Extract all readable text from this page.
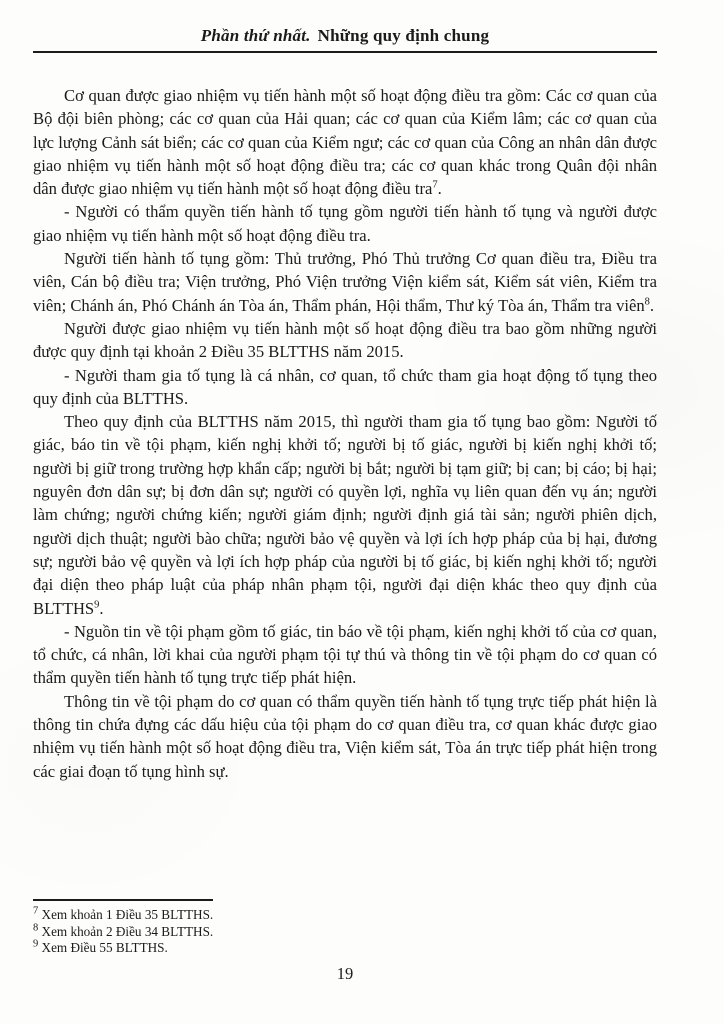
Phần thứ nhất. Những quy định chung

Cơ quan được giao nhiệm vụ tiến hành một số hoạt động điều tra gồm: Các cơ quan của Bộ đội biên phòng; các cơ quan của Hải quan; các cơ quan của Kiểm lâm; các cơ quan của lực lượng Cảnh sát biển; các cơ quan của Kiểm ngư; các cơ quan của Công an nhân dân được giao nhiệm vụ tiến hành một số hoạt động điều tra; các cơ quan khác trong Quân đội nhân dân được giao nhiệm vụ tiến hành một số hoạt động điều tra$^7$.

- Người có thẩm quyền tiến hành tố tụng gồm người tiến hành tố tụng và người được giao nhiệm vụ tiến hành một số hoạt động điều tra.

Người tiến hành tố tụng gồm: Thủ trưởng, Phó Thủ trưởng Cơ quan điều tra, Điều tra viên, Cán bộ điều tra; Viện trưởng, Phó Viện trưởng Viện kiểm sát, Kiểm sát viên, Kiểm tra viên; Chánh án, Phó Chánh án Tòa án, Thẩm phán, Hội thẩm, Thư ký Tòa án, Thẩm tra viên$^8$.

Người được giao nhiệm vụ tiến hành một số hoạt động điều tra bao gồm những người được quy định tại khoản 2 Điều 35 BLTTHS năm 2015.

- Người tham gia tố tụng là cá nhân, cơ quan, tổ chức tham gia hoạt động tố tụng theo quy định của BLTTHS.

Theo quy định của BLTTHS năm 2015, thì người tham gia tố tụng bao gồm: Người tố giác, báo tin về tội phạm, kiến nghị khởi tố; người bị tố giác, người bị kiến nghị khởi tố; người bị giữ trong trường hợp khẩn cấp; người bị bắt; người bị tạm giữ; bị can; bị cáo; bị hại; nguyên đơn dân sự; bị đơn dân sự; người có quyền lợi, nghĩa vụ liên quan đến vụ án; người làm chứng; người chứng kiến; người giám định; người định giá tài sản; người phiên dịch, người dịch thuật; người bào chữa; người bảo vệ quyền và lợi ích hợp pháp của bị hại, đương sự; người bảo vệ quyền và lợi ích hợp pháp của người bị tố giác, bị kiến nghị khởi tố; người đại diện theo pháp luật của pháp nhân phạm tội, người đại diện khác theo quy định của BLTTHS$^9$.

- Nguồn tin về tội phạm gồm tố giác, tin báo về tội phạm, kiến nghị khởi tố của cơ quan, tổ chức, cá nhân, lời khai của người phạm tội tự thú và thông tin về tội phạm do cơ quan có thẩm quyền tiến hành tố tụng trực tiếp phát hiện.

Thông tin về tội phạm do cơ quan có thẩm quyền tiến hành tố tụng trực tiếp phát hiện là thông tin chứa đựng các dấu hiệu của tội phạm do cơ quan điều tra, cơ quan khác được giao nhiệm vụ tiến hành một số hoạt động điều tra, Viện kiểm sát, Tòa án trực tiếp phát hiện trong các giai đoạn tố tụng hình sự.

$^7$ Xem khoản 1 Điều 35 BLTTHS.
$^8$ Xem khoản 2 Điều 34 BLTTHS.
$^9$ Xem Điều 55 BLTTHS.
19
